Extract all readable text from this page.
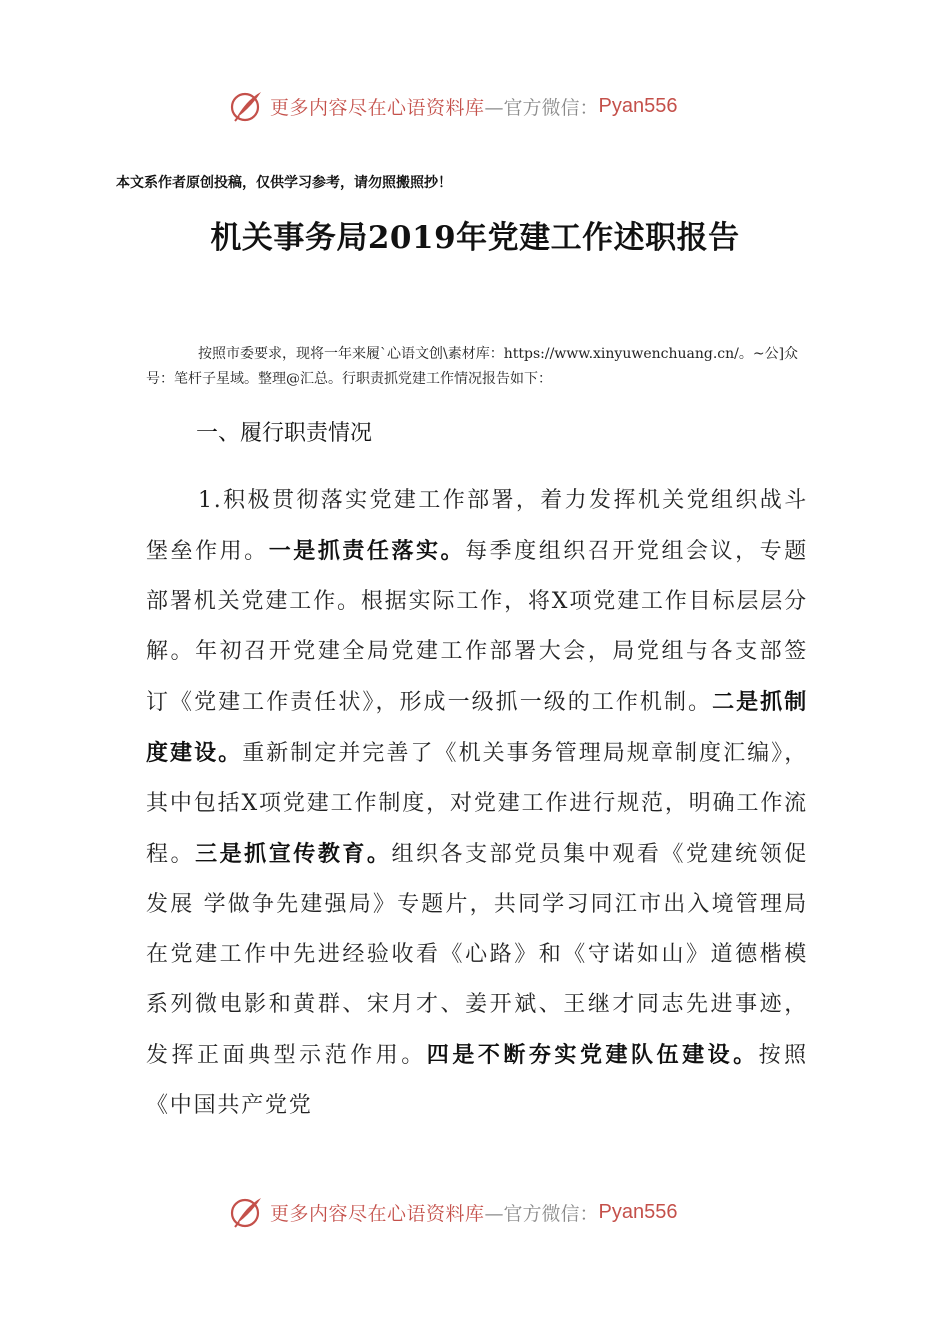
更多内容尽在心语资料库 —官方微信： Pyan556
本文系作者原创投稿，仅供学习参考，请勿照搬照抄！
机关事务局2019年党建工作述职报告
按照市委要求，现将一年来履`心语文创\素材库：https://www.xinyuwenchuang.cn/。~公]众号：笔杆子星域。整理@汇总。行职责抓党建工作情况报告如下：
一、履行职责情况

1.积极贯彻落实党建工作部署，着力发挥机关党组织战斗堡垒作用。一是抓责任落实。每季度组织召开党组会议，专题部署机关党建工作。根据实际工作，将X项党建工作目标层层分解。年初召开党建全局党建工作部署大会，局党组与各支部签订《党建工作责任状》，形成一级抓一级的工作机制。二是抓制度建设。重新制定并完善了《机关事务管理局规章制度汇编》，其中包括X项党建工作制度，对党建工作进行规范，明确工作流程。三是抓宣传教育。组织各支部党员集中观看《党建统领促发展 学做争先建强局》专题片，共同学习同江市出入境管理局在党建工作中先进经验收看《心路》和《守诺如山》道德楷模系列微电影和黄群、宋月才、姜开斌、王继才同志先进事迹，发挥正面典型示范作用。四是不断夯实党建队伍建设。按照《中国共产党党

更多内容尽在心语资料库 —官方微信： Pyan556
